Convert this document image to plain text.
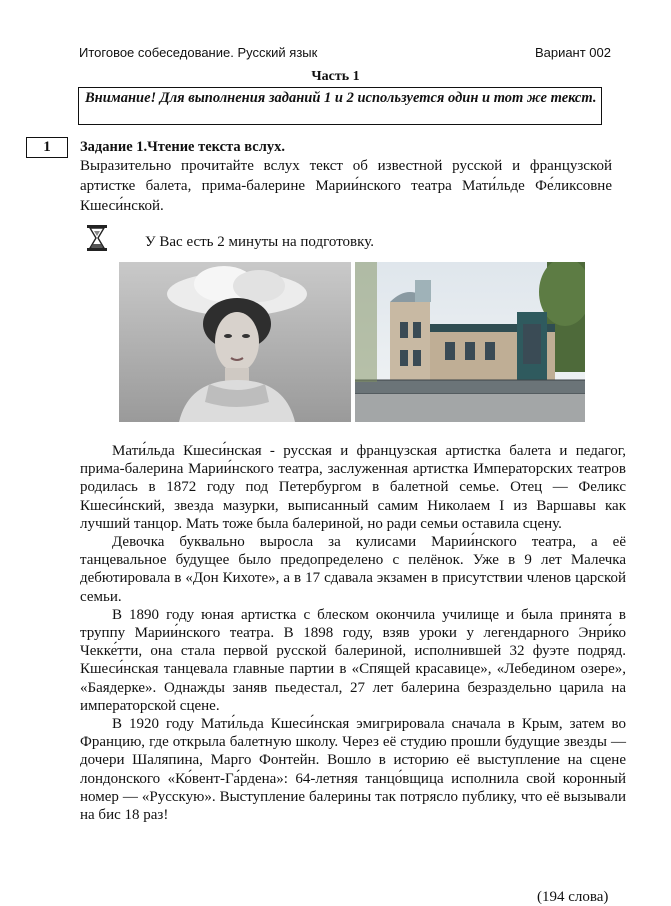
Итоговое собеседование. Русский язык	Вариант 002
Часть 1
Внимание! Для выполнения заданий 1 и 2 используется один и тот же текст.
1	Задание 1.Чтение текста вслух.
Выразительно прочитайте вслух текст об известной русской и французской артистке балета, прима-балерине Марии́нского театра Мати́льде Фе́ликсовне Кшеси́нской.
У Вас есть 2 минуты на подготовку.

Мати́льда Кшеси́нская - русская и французская артистка балета и педагог, прима-балерина Марии́нского театра, заслуженная артистка Императорских театров родилась в 1872 году под Петербургом в балетной семье. Отец — Феликс Кшеси́нский, звезда мазурки, выписанный самим Николаем I из Варшавы как лучший танцор. Мать тоже была балериной, но ради семьи оставила сцену.

Девочка буквально выросла за кулисами Марии́нского театра, а её танцевальное будущее было предопределено с пелёнок. Уже в 9 лет Малечка дебютировала в «Дон Кихоте», а в 17 сдавала экзамен в присутствии членов царской семьи.

В 1890 году юная артистка с блеском окончила училище и была принята в труппу Марии́нского театра. В 1898 году, взяв уроки у легендарного Энри́ко Чекке́тти, она стала первой русской балериной, исполнившей 32 фуэте подряд. Кшеси́нская танцевала главные партии в «Спящей красавице», «Лебедином озере», «Баядерке». Однажды заняв пьедестал, 27 лет балерина безраздельно царила на императорской сцене.

В 1920 году Мати́льда Кшеси́нская эмигрировала сначала в Крым, затем во Францию, где открыла балетную школу. Через её студию прошли будущие звезды — дочери Шаляпина, Марго Фонтейн. Вошло в историю её выступление на сцене лондонского «Ко́вент-Га́рдена»: 64-летняя танцо́вщица исполнила свой коронный номер — «Русскую». Выступление балерины так потрясло публику, что её вызывали на бис 18 раз!

(194 слова)
